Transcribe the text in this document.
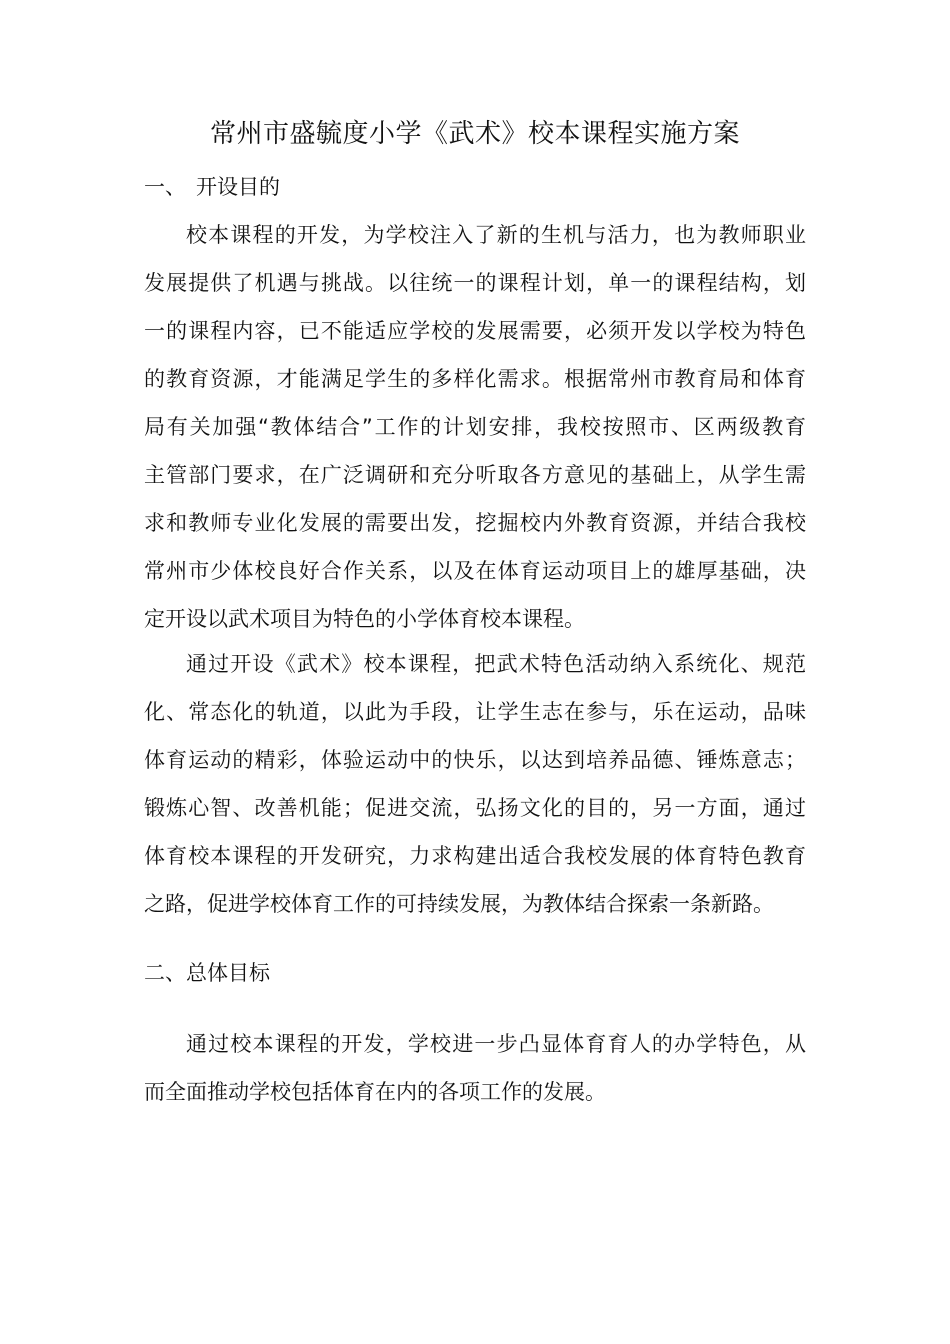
常州市盛毓度小学《武术》校本课程实施方案
一、 开设目的
校本课程的开发，为学校注入了新的生机与活力，也为教师职业
发展提供了机遇与挑战。以往统一的课程计划，单一的课程结构，划
一的课程内容，已不能适应学校的发展需要，必须开发以学校为特色
的教育资源，才能满足学生的多样化需求。根据常州市教育局和体育
局有关加强“教体结合”工作的计划安排，我校按照市、区两级教育
主管部门要求，在广泛调研和充分听取各方意见的基础上，从学生需
求和教师专业化发展的需要出发，挖掘校内外教育资源，并结合我校
常州市少体校良好合作关系，以及在体育运动项目上的雄厚基础，决
定开设以武术项目为特色的小学体育校本课程。
通过开设《武术》校本课程，把武术特色活动纳入系统化、规范
化、常态化的轨道，以此为手段，让学生志在参与，乐在运动，品味
体育运动的精彩，体验运动中的快乐，以达到培养品德、锤炼意志；
锻炼心智、改善机能；促进交流，弘扬文化的目的，另一方面，通过
体育校本课程的开发研究，力求构建出适合我校发展的体育特色教育
之路，促进学校体育工作的可持续发展，为教体结合探索一条新路。
二、总体目标
通过校本课程的开发，学校进一步凸显体育育人的办学特色，从
而全面推动学校包括体育在内的各项工作的发展。
